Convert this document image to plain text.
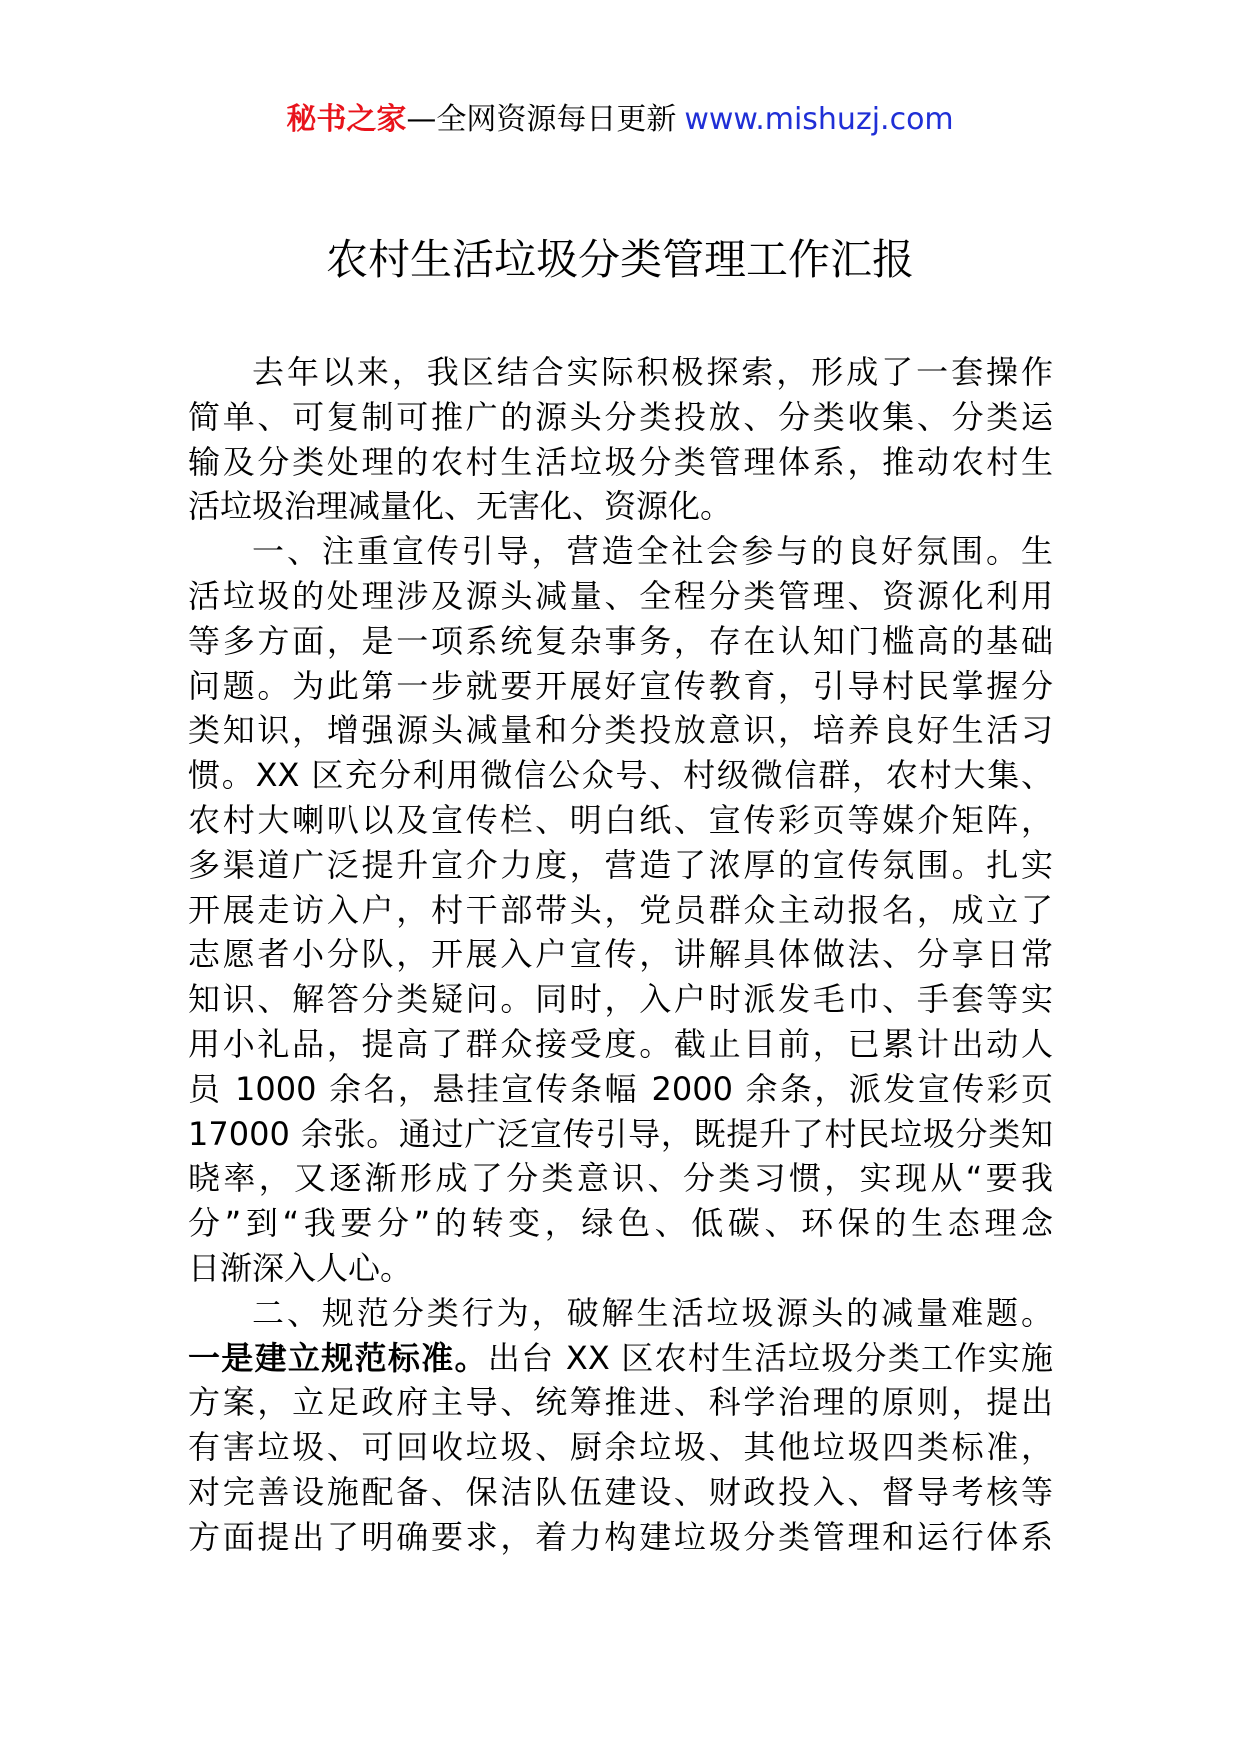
秘书之家—全网资源每日更新 www.mishuzj.com
农村生活垃圾分类管理工作汇报
去年以来，我区结合实际积极探索，形成了一套操作
简单、可复制可推广的源头分类投放、分类收集、分类运
输及分类处理的农村生活垃圾分类管理体系，推动农村生
活垃圾治理减量化、无害化、资源化。
一、注重宣传引导，营造全社会参与的良好氛围。生
活垃圾的处理涉及源头减量、全程分类管理、资源化利用
等多方面，是一项系统复杂事务，存在认知门槛高的基础
问题。为此第一步就要开展好宣传教育，引导村民掌握分
类知识，增强源头减量和分类投放意识，培养良好生活习
惯。XX 区充分利用微信公众号、村级微信群，农村大集、
农村大喇叭以及宣传栏、明白纸、宣传彩页等媒介矩阵，
多渠道广泛提升宣介力度，营造了浓厚的宣传氛围。扎实
开展走访入户，村干部带头，党员群众主动报名，成立了
志愿者小分队，开展入户宣传，讲解具体做法、分享日常
知识、解答分类疑问。同时，入户时派发毛巾、手套等实
用小礼品，提高了群众接受度。截止目前，已累计出动人
员 1000 余名，悬挂宣传条幅 2000 余条，派发宣传彩页
17000 余张。通过广泛宣传引导，既提升了村民垃圾分类知
晓率，又逐渐形成了分类意识、分类习惯，实现从“要我
分”到“我要分”的转变，绿色、低碳、环保的生态理念
日渐深入人心。
二、规范分类行为，破解生活垃圾源头的减量难题。
一是建立规范标准。出台 XX 区农村生活垃圾分类工作实施
方案，立足政府主导、统筹推进、科学治理的原则，提出
有害垃圾、可回收垃圾、厨余垃圾、其他垃圾四类标准，
对完善设施配备、保洁队伍建设、财政投入、督导考核等
方面提出了明确要求，着力构建垃圾分类管理和运行体系
